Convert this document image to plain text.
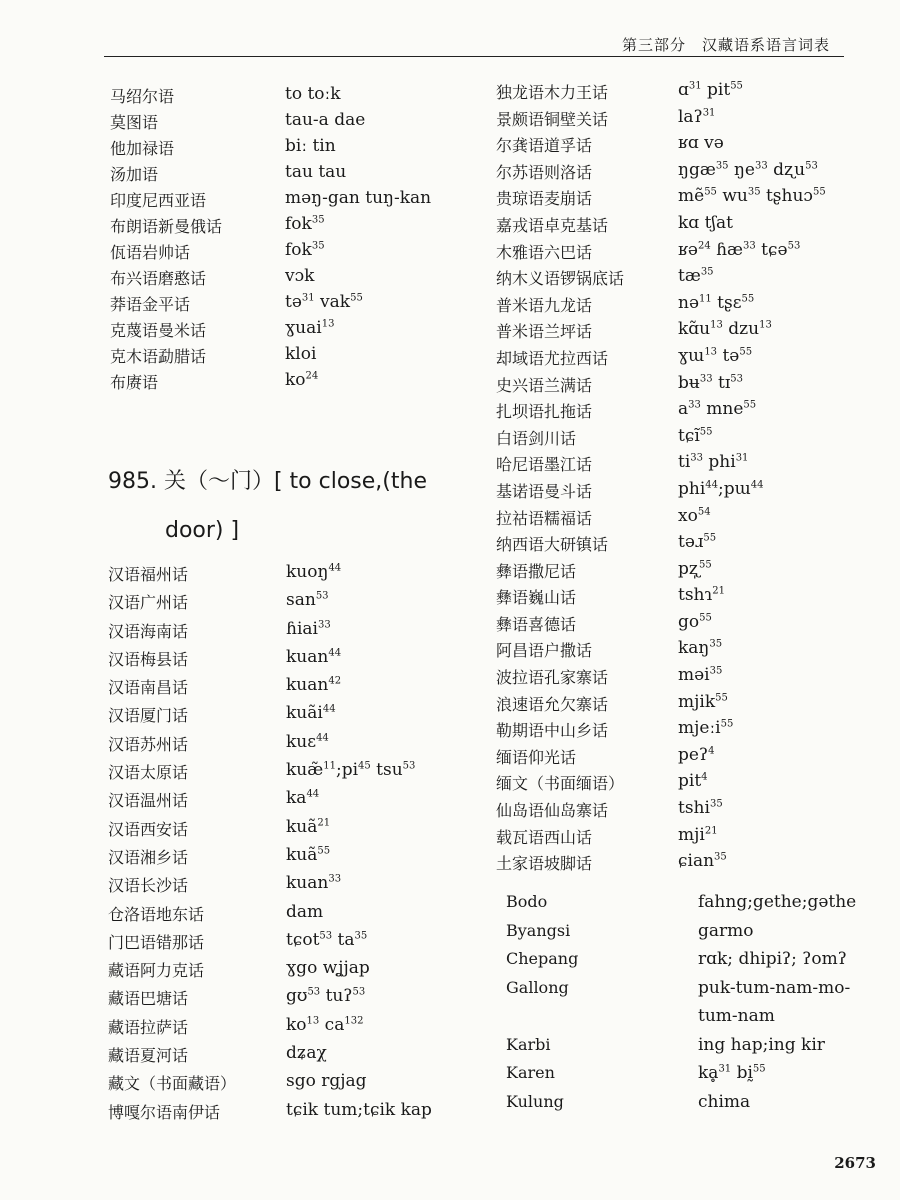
第三部分　汉藏语系语言词表
马绍尔语	to toːk
莫图语	tau-a dae
他加禄语	biː tin
汤加语	tau tau
印度尼西亚语	məŋ-gan tuŋ-kan
布朗语新曼俄话	fok$^{35}$
佤语岩帅话	fok$^{35}$
布兴语磨憨话	vɔk
莽语金平话	tə$^{31}$ vak$^{55}$
克蔑语曼米话	ɣuai$^{13}$
克木语勐腊话	kloi
布赓语	$ko^{24}$
985. 关（～门）[ to close,(the
door) ]
汉语福州话	kuoŋ$^{44}$
汉语广州话	san$^{53}$
汉语海南话	ɦiai$^{33}$
汉语梅县话	kuan$^{44}$
汉语南昌话	kuan$^{42}$
汉语厦门话	kuãi$^{44}$
汉语苏州话	kuɛ$^{44}$
汉语太原话	$kuæ̃^{11};pi^{45}$ tsu$^{53}$
汉语温州话	$ka^{44}$
汉语西安话	kuã$^{21}$
汉语湘乡话	kuã$^{55}$
汉语长沙话	kuan$^{33}$
仓洛语地东话	dam
门巴语错那话	tɕot$^{53}$ $ta^{35}$
藏语阿力克话	ɣgo wʝjap
藏语巴塘话	gʊ$^{53}$ tuʔ$^{53}$
藏语拉萨话	$ko^{13}$ $ca^{132}$
藏语夏河话	dʑaχ
藏文（书面藏语）	sgo rgjag
博嘎尔语南伊话	tɕik tum;tɕik kap
独龙语木力王话	ɑ$^{31}$ pit$^{55}$
景颇语铜壁关话	laʔ$^{31}$
尔龚语道孚话	ʁɑ və
尔苏语则洛话	ŋgæ$^{35}$ $ŋe^{33}$ dʐu$^{53}$
贵琼语麦崩话	mẽ$^{55}$ $wu^{35}$ tʂhuɔ$^{55}$
嘉戎语卓克基话	kɑ tʃat
木雅语六巴话	ʁə$^{24}$ ɦæ$^{33}$ tɕə$^{53}$
纳木义语锣锅底话	$tæ^{35}$
普米语九龙话	nə$^{11}$ tʂɛ$^{55}$
普米语兰坪话	$kɑ̃u^{13}$ dzu$^{13}$
却域语尤拉西话	ɣɯ$^{13}$ tə$^{55}$
史兴语兰满话	bʉ$^{33}$ tɪ$^{53}$
扎坝语扎拖话	$a^{33}$ mne$^{55}$
白语剑川话	tɕĩ$^{55}$
哈尼语墨江话	$ti^{33}$ phi$^{31}$
基诺语曼斗话	phi$^{44}$;pɯ$^{44}$
拉祜语糯福话	$xo^{54}$
纳西语大研镇话	təɹ$^{55}$
彝语撒尼话	pʐ̩$^{55}$
彝语巍山话	tshɿ$^{21}$
彝语喜德话	$go^{55}$
阿昌语户撒话	kaŋ$^{35}$
波拉语孔家寨话	məi$^{35}$
浪速语允欠寨话	mjik$^{55}$
勒期语中山乡话	mjeːi$^{55}$
缅语仰光话	peʔ$^4$
缅文（书面缅语）	pit$^4$
仙岛语仙岛寨话	tshi$^{35}$
载瓦语西山话	mji$^{21}$
土家语坡脚话	ɕian$^{35}$
Bodo	fahng;gethe;gəthe
Byangsi	garmo
Chepang	rɑk; dhipiʔ; ʔomʔ
Gallong	puk-tum-nam-mo-
tum-nam
Karbi	ing hap;ing kir
Karen	kḁ$^{31}$ bḭ$^{55}$
Kulung	chima
2673
